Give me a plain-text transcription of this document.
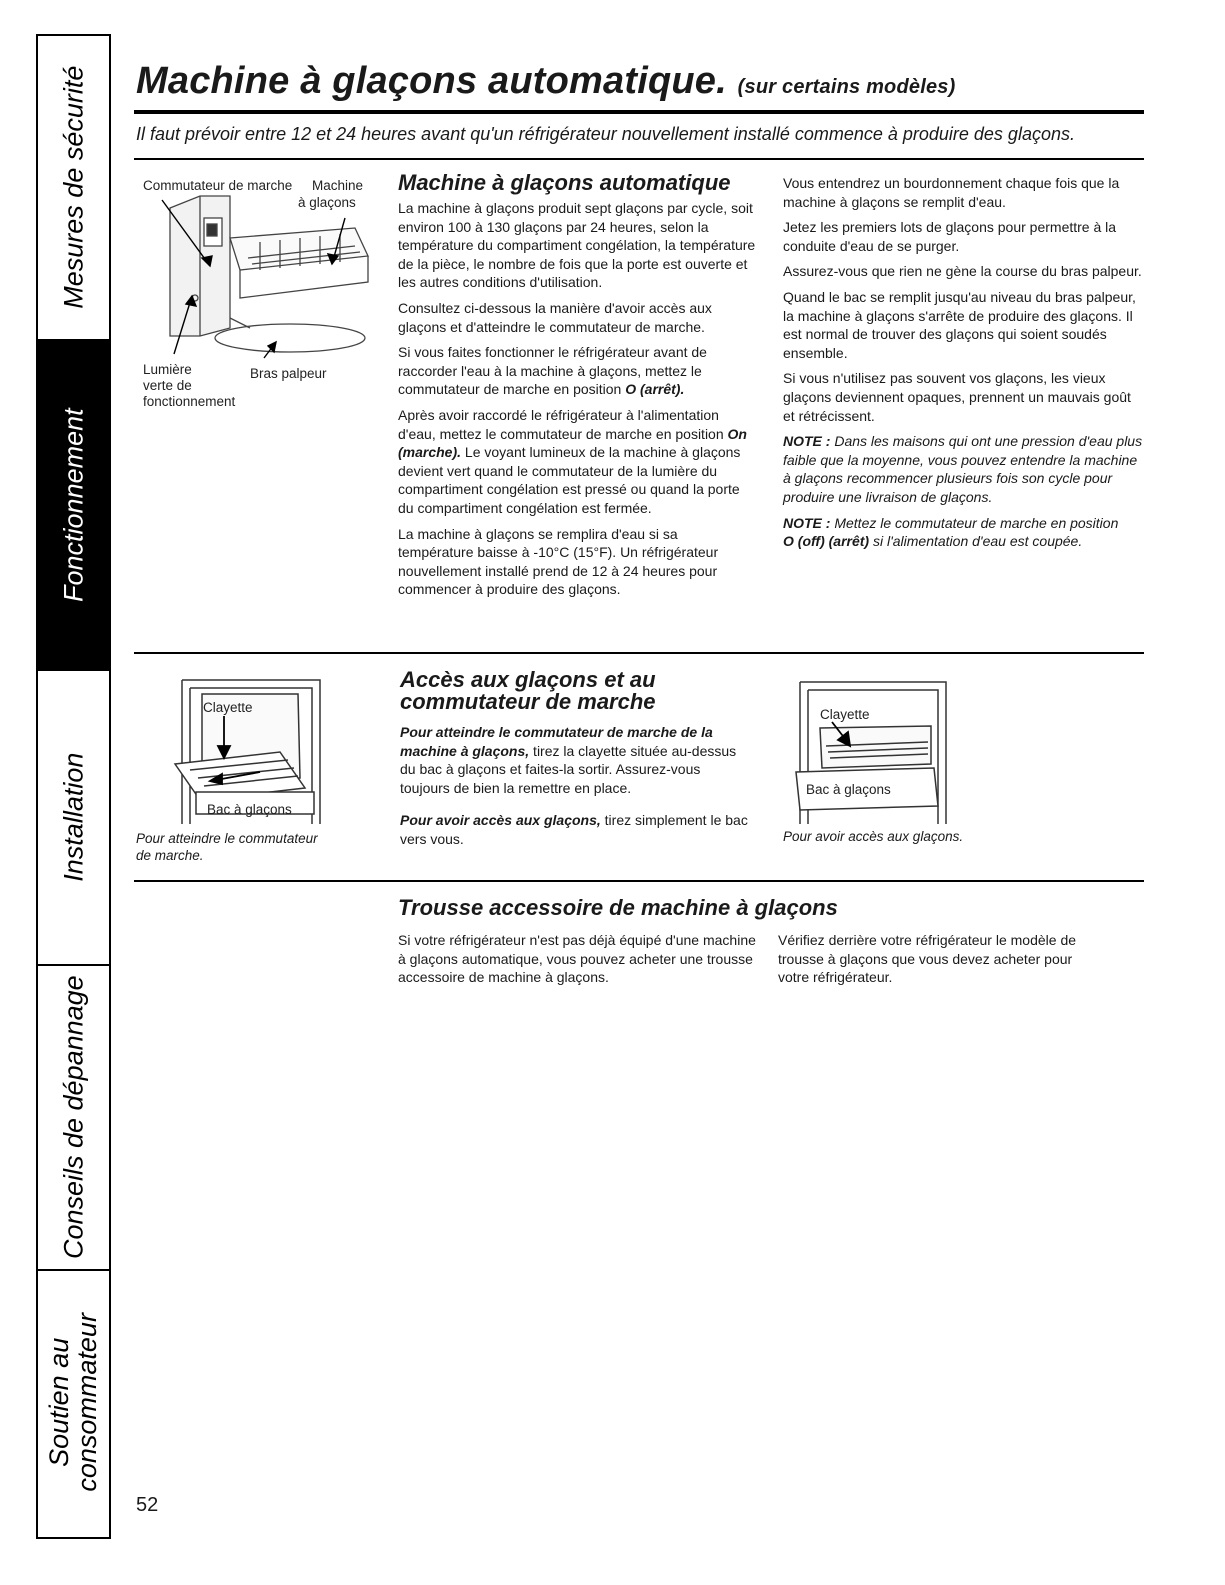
Mesures de sécurité
Fonctionnement
Installation
Conseils de dépannage
Soutien au
consommateur
52
Machine à glaçons automatique. (sur certains modèles)
Il faut prévoir entre 12 et 24 heures avant qu'un réfrigérateur nouvellement installé commence à produire des glaçons.
Commutateur de marche Machine
à glaçons
Lumière
verte de
fonctionnement
Bras palpeur
Machine à glaçons automatique

La machine à glaçons produit sept glaçons par cycle, soit environ 100 à 130 glaçons par 24 heures, selon la température du compartiment congélation, la température de la pièce, le nombre de fois que la porte est ouverte et les autres conditions d'utilisation.

Consultez ci-dessous la manière d'avoir accès aux glaçons et d'atteindre le commutateur de marche.

Si vous faites fonctionner le réfrigérateur avant de raccorder l'eau à la machine à glaçons, mettez le commutateur de marche en position O (arrêt).

Après avoir raccordé le réfrigérateur à l'alimentation d'eau, mettez le commutateur de marche en position On (marche). Le voyant lumineux de la machine à glaçons devient vert quand le commutateur de la lumière du compartiment congélation est pressé ou quand la porte du compartiment congélation est fermée.

La machine à glaçons se remplira d'eau si sa température baisse à -10°C (15°F). Un réfrigérateur nouvellement installé prend de 12 à 24 heures pour commencer à produire des glaçons.

Vous entendrez un bourdonnement chaque fois que la machine à glaçons se remplit d'eau.

Jetez les premiers lots de glaçons pour permettre à la conduite d'eau de se purger.

Assurez-vous que rien ne gène la course du bras palpeur.

Quand le bac se remplit jusqu'au niveau du bras palpeur, la machine à glaçons s'arrête de produire des glaçons. Il est normal de trouver des glaçons qui soient soudés ensemble.

Si vous n'utilisez pas souvent vos glaçons, les vieux glaçons deviennent opaques, prennent un mauvais goût et rétrécissent.

NOTE : Dans les maisons qui ont une pression d'eau plus faible que la moyenne, vous pouvez entendre la machine à glaçons recommencer plusieurs fois son cycle pour produire une livraison de glaçons.

NOTE : Mettez le commutateur de marche en position
O (off) (arrêt) si l'alimentation d'eau est coupée.

Clayette
Bac à glaçons
Pour atteindre le commutateur de marche.
Accès aux glaçons et au
commutateur de marche

Pour atteindre le commutateur de marche de la machine à glaçons, tirez la clayette située au-dessus du bac à glaçons et faites-la sortir. Assurez-vous toujours de bien la remettre en place.

Pour avoir accès aux glaçons, tirez simplement le bac vers vous.

Clayette
Bac à glaçons
Pour avoir accès aux glaçons.
Trousse accessoire de machine à glaçons
Si votre réfrigérateur n'est pas déjà équipé d'une machine à glaçons automatique, vous pouvez acheter une trousse accessoire de machine à glaçons.
Vérifiez derrière votre réfrigérateur le modèle de trousse à glaçons que vous devez acheter pour votre réfrigérateur.
